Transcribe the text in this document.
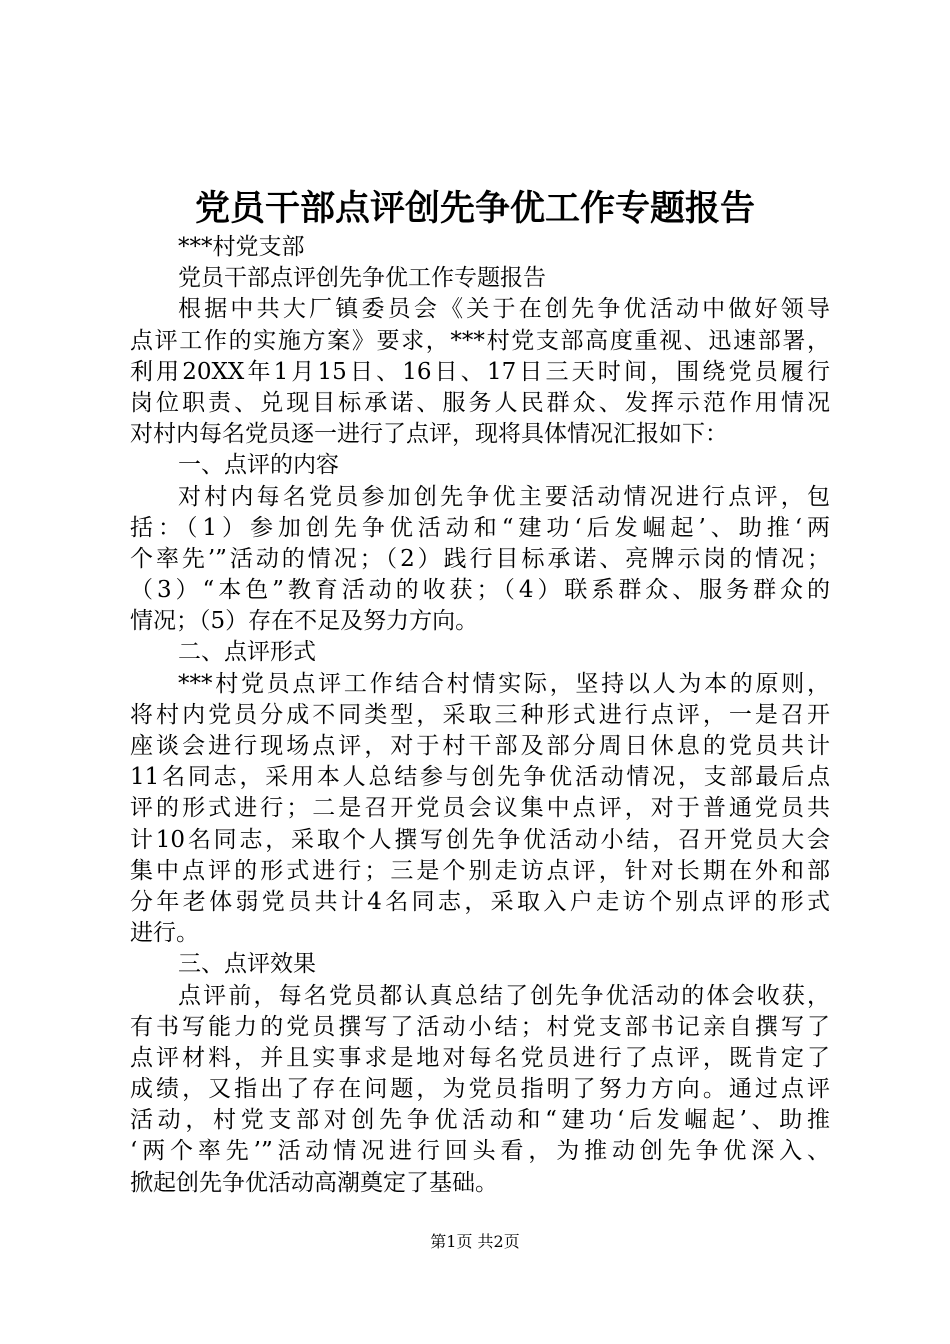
党员干部点评创先争优工作专题报告
***村党支部
党员干部点评创先争优工作专题报告
根据中共大厂镇委员会《关于在创先争优活动中做好领导
点评工作的实施方案》要求，***村党支部高度重视、迅速部署，
利用20XX年1月15日、16日、17日三天时间，围绕党员履行
岗位职责、兑现目标承诺、服务人民群众、发挥示范作用情况
对村内每名党员逐一进行了点评，现将具体情况汇报如下：
一、点评的内容
对村内每名党员参加创先争优主要活动情况进行点评，包
括：（1）参加创先争优活动和“建功‘后发崛起’、助推‘两
个率先’”活动的情况；（2）践行目标承诺、亮牌示岗的情况；
（3）“本色”教育活动的收获；（4）联系群众、服务群众的
情况；（5）存在不足及努力方向。
二、点评形式
***村党员点评工作结合村情实际，坚持以人为本的原则，
将村内党员分成不同类型，采取三种形式进行点评，一是召开
座谈会进行现场点评，对于村干部及部分周日休息的党员共计
11名同志，采用本人总结参与创先争优活动情况，支部最后点
评的形式进行；二是召开党员会议集中点评，对于普通党员共
计10名同志，采取个人撰写创先争优活动小结，召开党员大会
集中点评的形式进行；三是个别走访点评，针对长期在外和部
分年老体弱党员共计4名同志，采取入户走访个别点评的形式
进行。
三、点评效果
点评前，每名党员都认真总结了创先争优活动的体会收获，
有书写能力的党员撰写了活动小结；村党支部书记亲自撰写了
点评材料，并且实事求是地对每名党员进行了点评，既肯定了
成绩，又指出了存在问题，为党员指明了努力方向。通过点评
活动，村党支部对创先争优活动和“建功‘后发崛起’、助推
‘两个率先’”活动情况进行回头看，为推动创先争优深入、
掀起创先争优活动高潮奠定了基础。
第1页 共2页
